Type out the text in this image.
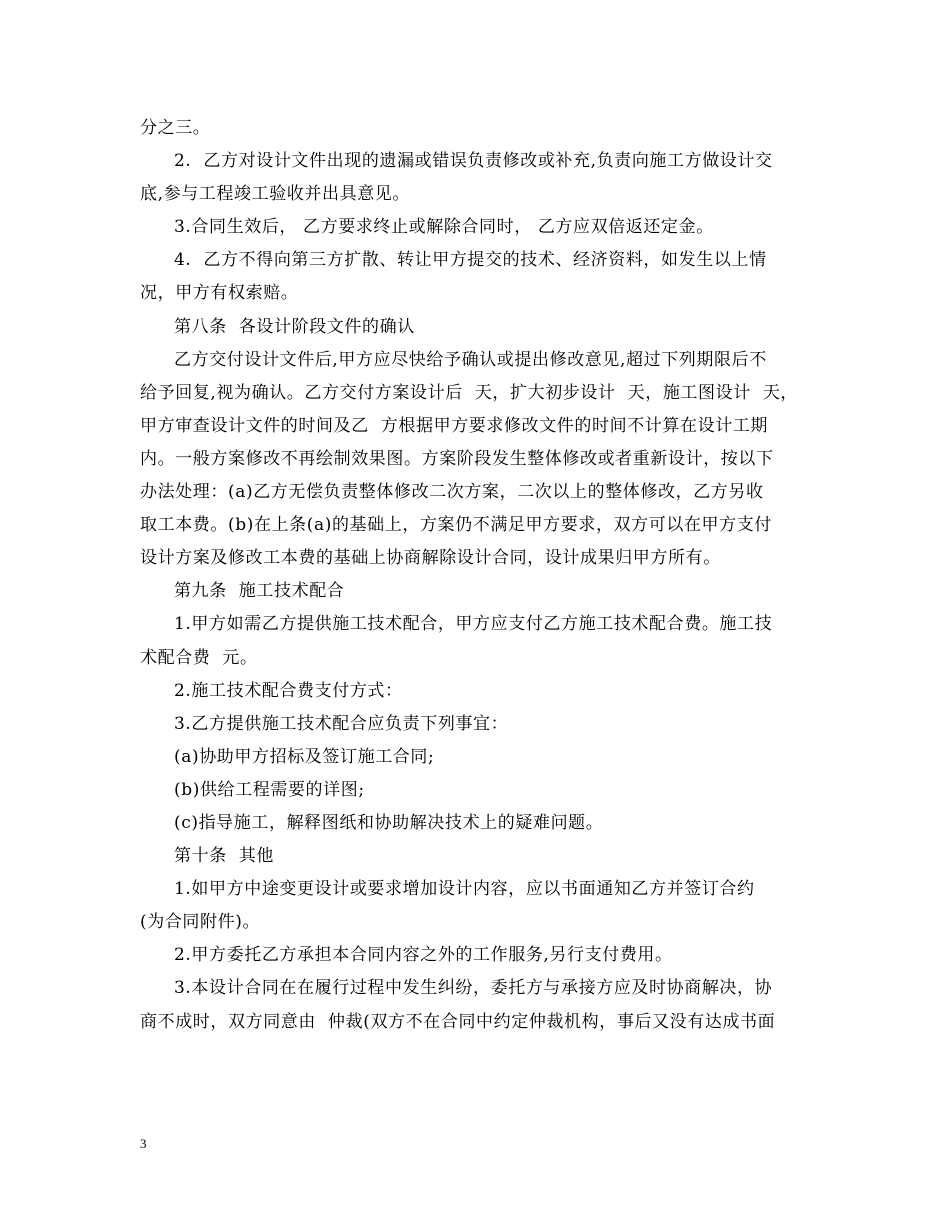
分之三。
2.  乙方对设计文件出现的遗漏或错误负责修改或补充,负责向施工方做设计交
底,参与工程竣工验收并出具意见。
3.合同生效后， 乙方要求终止或解除合同时， 乙方应双倍返还定金。
4.  乙方不得向第三方扩散、转让甲方提交的技术、经济资料，如发生以上情
况，甲方有权索赔。
第八条  各设计阶段文件的确认
乙方交付设计文件后,甲方应尽快给予确认或提出修改意见,超过下列期限后不
给予回复,视为确认。乙方交付方案设计后  天，扩大初步设计  天，施工图设计  天，
甲方审查设计文件的时间及乙  方根据甲方要求修改文件的时间不计算在设计工期
内。一般方案修改不再绘制效果图。方案阶段发生整体修改或者重新设计，按以下
办法处理：(a)乙方无偿负责整体修改二次方案，二次以上的整体修改，乙方另收
取工本费。(b)在上条(a)的基础上，方案仍不满足甲方要求，双方可以在甲方支付
设计方案及修改工本费的基础上协商解除设计合同，设计成果归甲方所有。
第九条  施工技术配合
1.甲方如需乙方提供施工技术配合，甲方应支付乙方施工技术配合费。施工技
术配合费  元。
2.施工技术配合费支付方式：
3.乙方提供施工技术配合应负责下列事宜：
(a)协助甲方招标及签订施工合同;
(b)供给工程需要的详图;
(c)指导施工，解释图纸和协助解决技术上的疑难问题。
第十条  其他
1.如甲方中途变更设计或要求增加设计内容，应以书面通知乙方并签订合约
(为合同附件)。
2.甲方委托乙方承担本合同内容之外的工作服务,另行支付费用。
3.本设计合同在在履行过程中发生纠纷，委托方与承接方应及时协商解决，协
商不成时，双方同意由  仲裁(双方不在合同中约定仲裁机构，事后又没有达成书面
3
